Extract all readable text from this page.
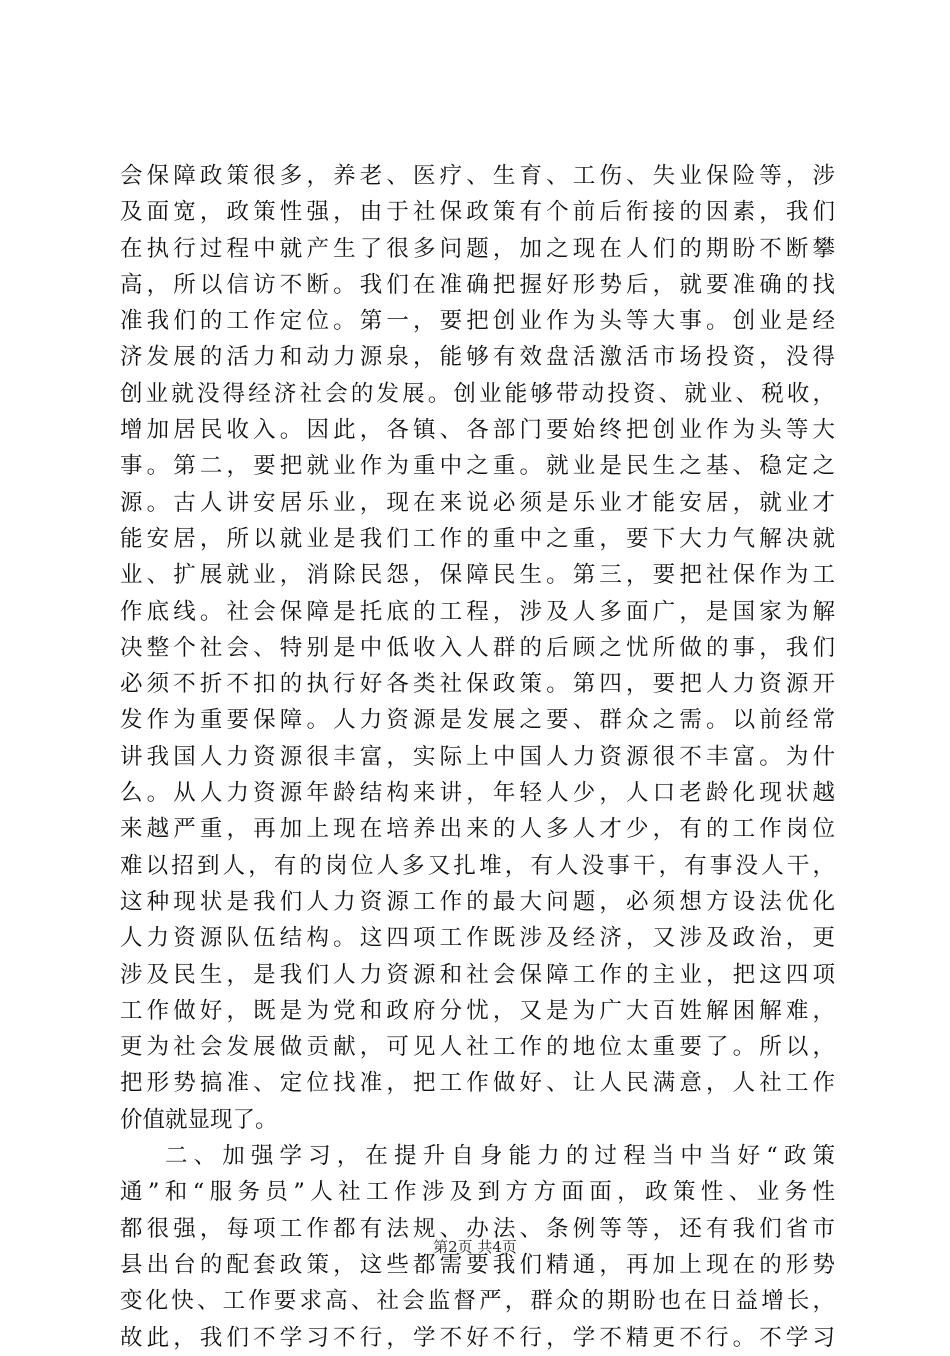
会保障政策很多，养老、医疗、生育、工伤、失业保险等，涉
及面宽，政策性强，由于社保政策有个前后衔接的因素，我们
在执行过程中就产生了很多问题，加之现在人们的期盼不断攀
高，所以信访不断。我们在准确把握好形势后，就要准确的找
准我们的工作定位。第一，要把创业作为头等大事。创业是经
济发展的活力和动力源泉，能够有效盘活激活市场投资，没得
创业就没得经济社会的发展。创业能够带动投资、就业、税收，
增加居民收入。因此，各镇、各部门要始终把创业作为头等大
事。第二，要把就业作为重中之重。就业是民生之基、稳定之
源。古人讲安居乐业，现在来说必须是乐业才能安居，就业才
能安居，所以就业是我们工作的重中之重，要下大力气解决就
业、扩展就业，消除民怨，保障民生。第三，要把社保作为工
作底线。社会保障是托底的工程，涉及人多面广，是国家为解
决整个社会、特别是中低收入人群的后顾之忧所做的事，我们
必须不折不扣的执行好各类社保政策。第四，要把人力资源开
发作为重要保障。人力资源是发展之要、群众之需。以前经常
讲我国人力资源很丰富，实际上中国人力资源很不丰富。为什
么。从人力资源年龄结构来讲，年轻人少，人口老龄化现状越
来越严重，再加上现在培养出来的人多人才少，有的工作岗位
难以招到人，有的岗位人多又扎堆，有人没事干，有事没人干，
这种现状是我们人力资源工作的最大问题，必须想方设法优化
人力资源队伍结构。这四项工作既涉及经济，又涉及政治，更
涉及民生，是我们人力资源和社会保障工作的主业，把这四项
工作做好，既是为党和政府分忧，又是为广大百姓解困解难，
更为社会发展做贡献，可见人社工作的地位太重要了。所以，
把形势搞准、定位找准，把工作做好、让人民满意，人社工作
价值就显现了。
二、加强学习，在提升自身能力的过程当中当好“政策
通”和“服务员”人社工作涉及到方方面面，政策性、业务性
都很强，每项工作都有法规、办法、条例等等，还有我们省市
县出台的配套政策，这些都需要我们精通，再加上现在的形势
变化快、工作要求高、社会监督严，群众的期盼也在日益增长，
故此，我们不学习不行，学不好不行，学不精更不行。不学习
第2页 共4页
